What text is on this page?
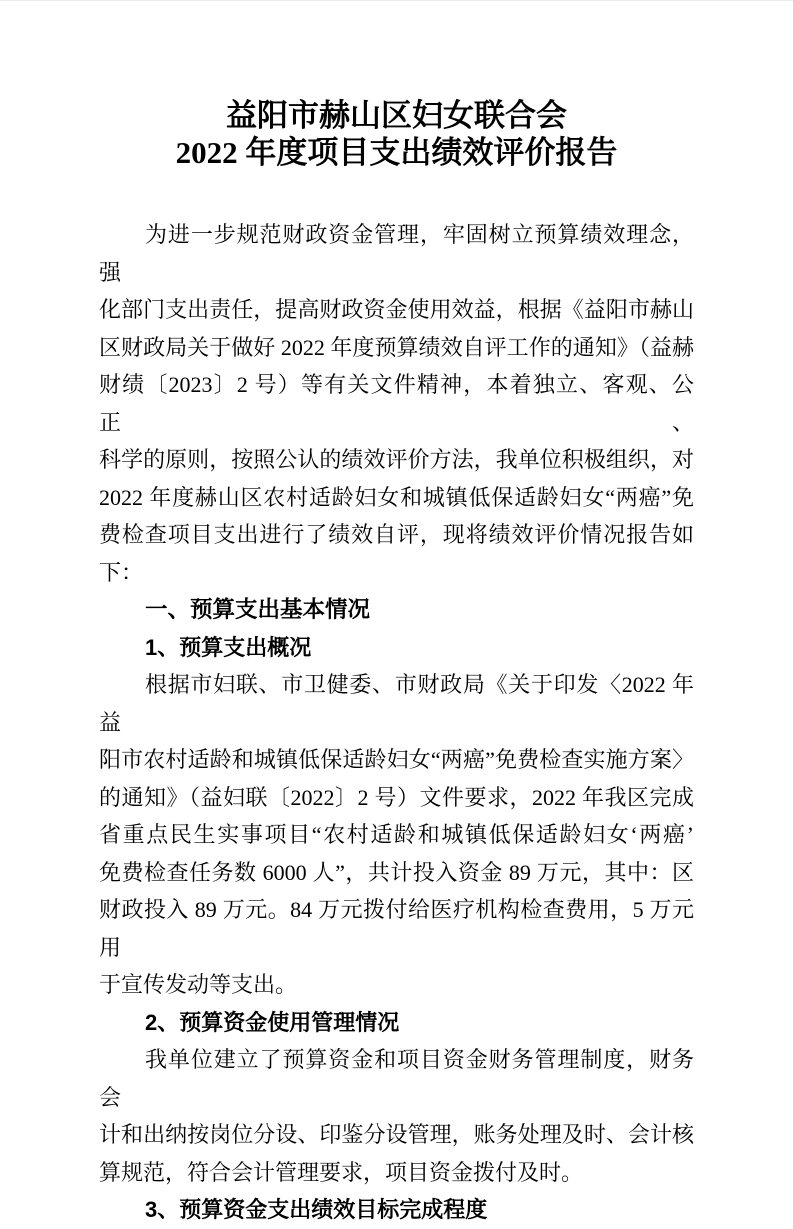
益阳市赫山区妇女联合会
2022 年度项目支出绩效评价报告
为进一步规范财政资金管理，牢固树立预算绩效理念，强
化部门支出责任，提高财政资金使用效益，根据《益阳市赫山
区财政局关于做好 2022 年度预算绩效自评工作的通知》（益赫
财绩〔2023〕2 号）等有关文件精神，本着独立、客观、公正、
科学的原则，按照公认的绩效评价方法，我单位积极组织，对
2022 年度赫山区农村适龄妇女和城镇低保适龄妇女“两癌”免
费检查项目支出进行了绩效自评，现将绩效评价情况报告如下：
一、预算支出基本情况
1、预算支出概况
根据市妇联、市卫健委、市财政局《关于印发〈2022 年益
阳市农村适龄和城镇低保适龄妇女“两癌”免费检查实施方案〉
的通知》（益妇联〔2022〕2 号）文件要求，2022 年我区完成
省重点民生实事项目“农村适龄和城镇低保适龄妇女‘两癌’
免费检查任务数 6000 人”，共计投入资金 89 万元，其中：区
财政投入 89 万元。84 万元拨付给医疗机构检查费用，5 万元用
于宣传发动等支出。
2、预算资金使用管理情况
我单位建立了预算资金和项目资金财务管理制度，财务会
计和出纳按岗位分设、印鉴分设管理，账务处理及时、会计核
算规范，符合会计管理要求，项目资金拨付及时。
3、预算资金支出绩效目标完成程度
